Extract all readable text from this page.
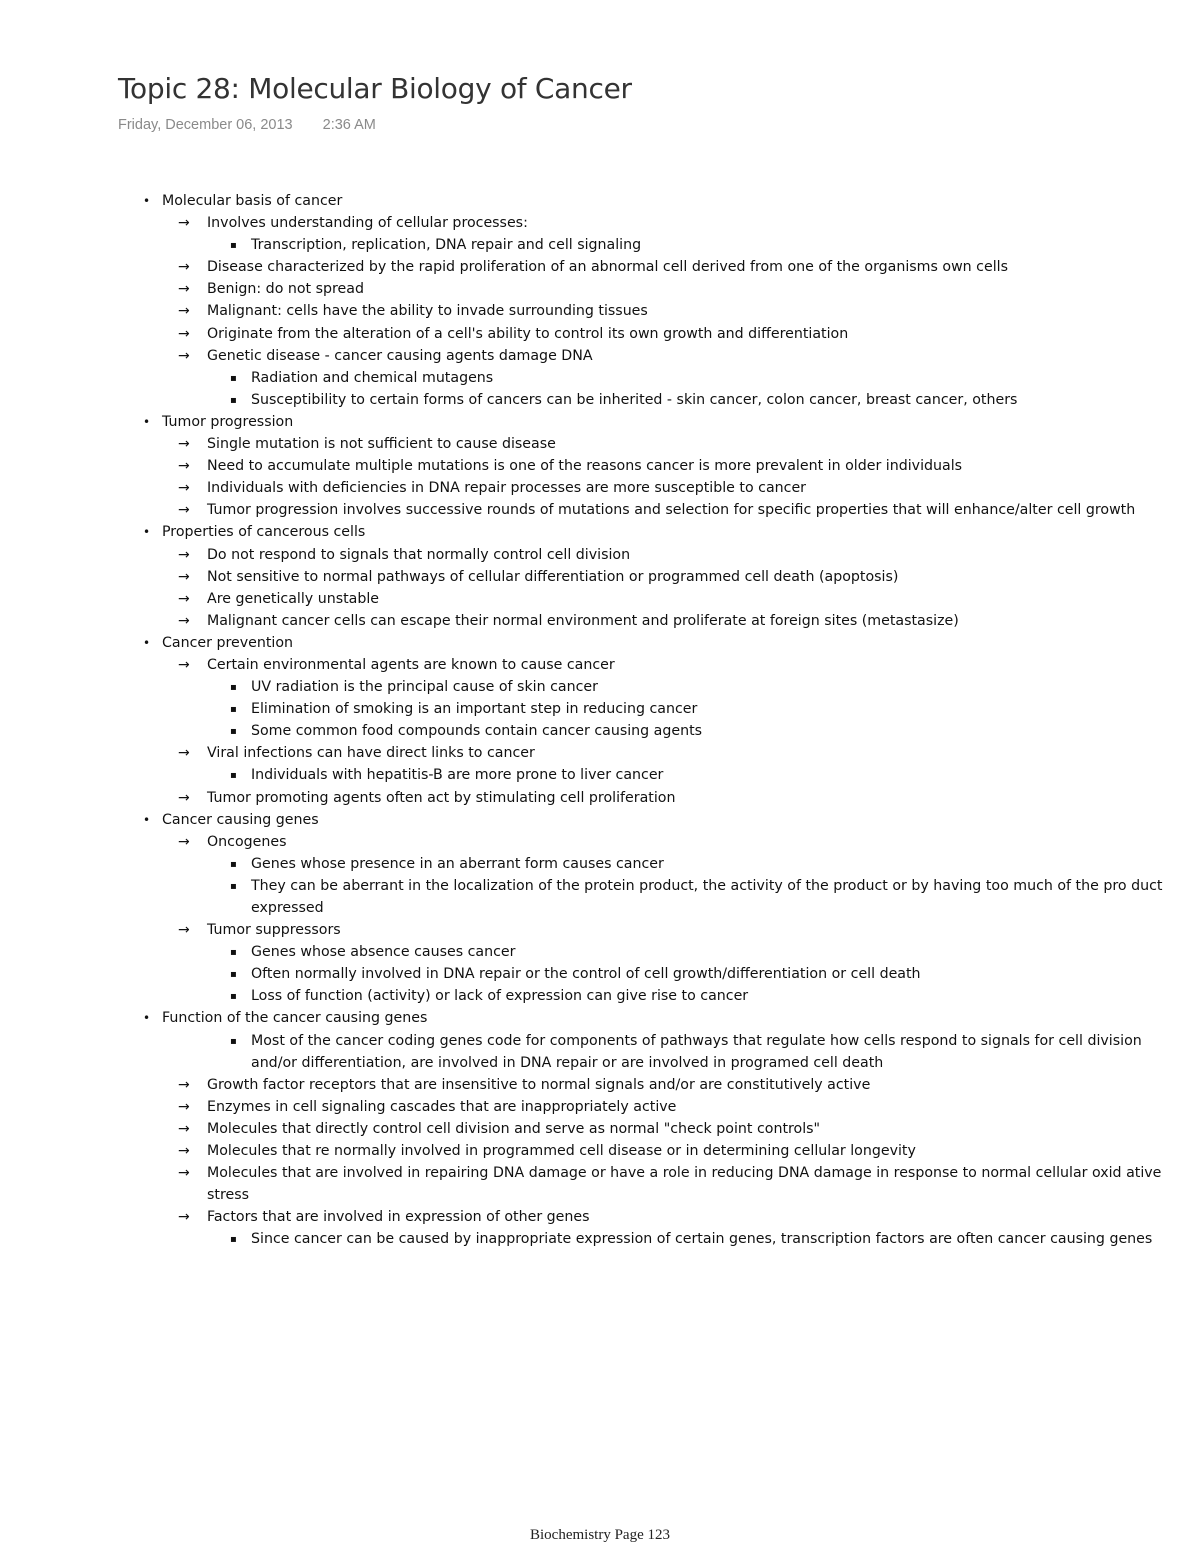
Topic 28: Molecular Biology of Cancer
Friday, December 06, 2013 2:36 AM
• Molecular basis of cancer
→ Involves understanding of cellular processes:
▪ Transcription, replication, DNA repair and cell signaling
→ Disease characterized by the rapid proliferation of an abnormal cell derived from one of the organisms own cells
→ Benign: do not spread
→ Malignant: cells have the ability to invade surrounding tissues
→ Originate from the alteration of a cell's ability to control its own growth and differentiation
→ Genetic disease - cancer causing agents damage DNA
▪ Radiation and chemical mutagens
▪ Susceptibility to certain forms of cancers can be inherited - skin cancer, colon cancer, breast cancer, others
• Tumor progression
→ Single mutation is not sufficient to cause disease
→ Need to accumulate multiple mutations is one of the reasons cancer is more prevalent in older individuals
→ Individuals with deficiencies in DNA repair processes are more susceptible to cancer
→ Tumor progression involves successive rounds of mutations and selection for specific properties that will enhance/alter cell growth
• Properties of cancerous cells
→ Do not respond to signals that normally control cell division
→ Not sensitive to normal pathways of cellular differentiation or programmed cell death (apoptosis)
→ Are genetically unstable
→ Malignant cancer cells can escape their normal environment and proliferate at foreign sites (metastasize)
• Cancer prevention
→ Certain environmental agents are known to cause cancer
▪ UV radiation is the principal cause of skin cancer
▪ Elimination of smoking is an important step in reducing cancer
▪ Some common food compounds contain cancer causing agents
→ Viral infections can have direct links to cancer
▪ Individuals with hepatitis-B are more prone to liver cancer
→ Tumor promoting agents often act by stimulating cell proliferation
• Cancer causing genes
→ Oncogenes
▪ Genes whose presence in an aberrant form causes cancer
▪ They can be aberrant in the localization of the protein product, the activity of the product or by having too much of the pro duct expressed
→ Tumor suppressors
▪ Genes whose absence causes cancer
▪ Often normally involved in DNA repair or the control of cell growth/differentiation or cell death
▪ Loss of function (activity) or lack of expression can give rise to cancer
• Function of the cancer causing genes
▪ Most of the cancer coding genes code for components of pathways that regulate how cells respond to signals for cell division and/or differentiation, are involved in DNA repair or are involved in programed cell death
→ Growth factor receptors that are insensitive to normal signals and/or are constitutively active
→ Enzymes in cell signaling cascades that are inappropriately active
→ Molecules that directly control cell division and serve as normal "check point controls"
→ Molecules that re normally involved in programmed cell disease or in determining cellular longevity
→ Molecules that are involved in repairing DNA damage or have a role in reducing DNA damage in response to normal cellular oxid ative stress
→ Factors that are involved in expression of other genes
▪ Since cancer can be caused by inappropriate expression of certain genes, transcription factors are often cancer causing genes
Biochemistry Page 123
